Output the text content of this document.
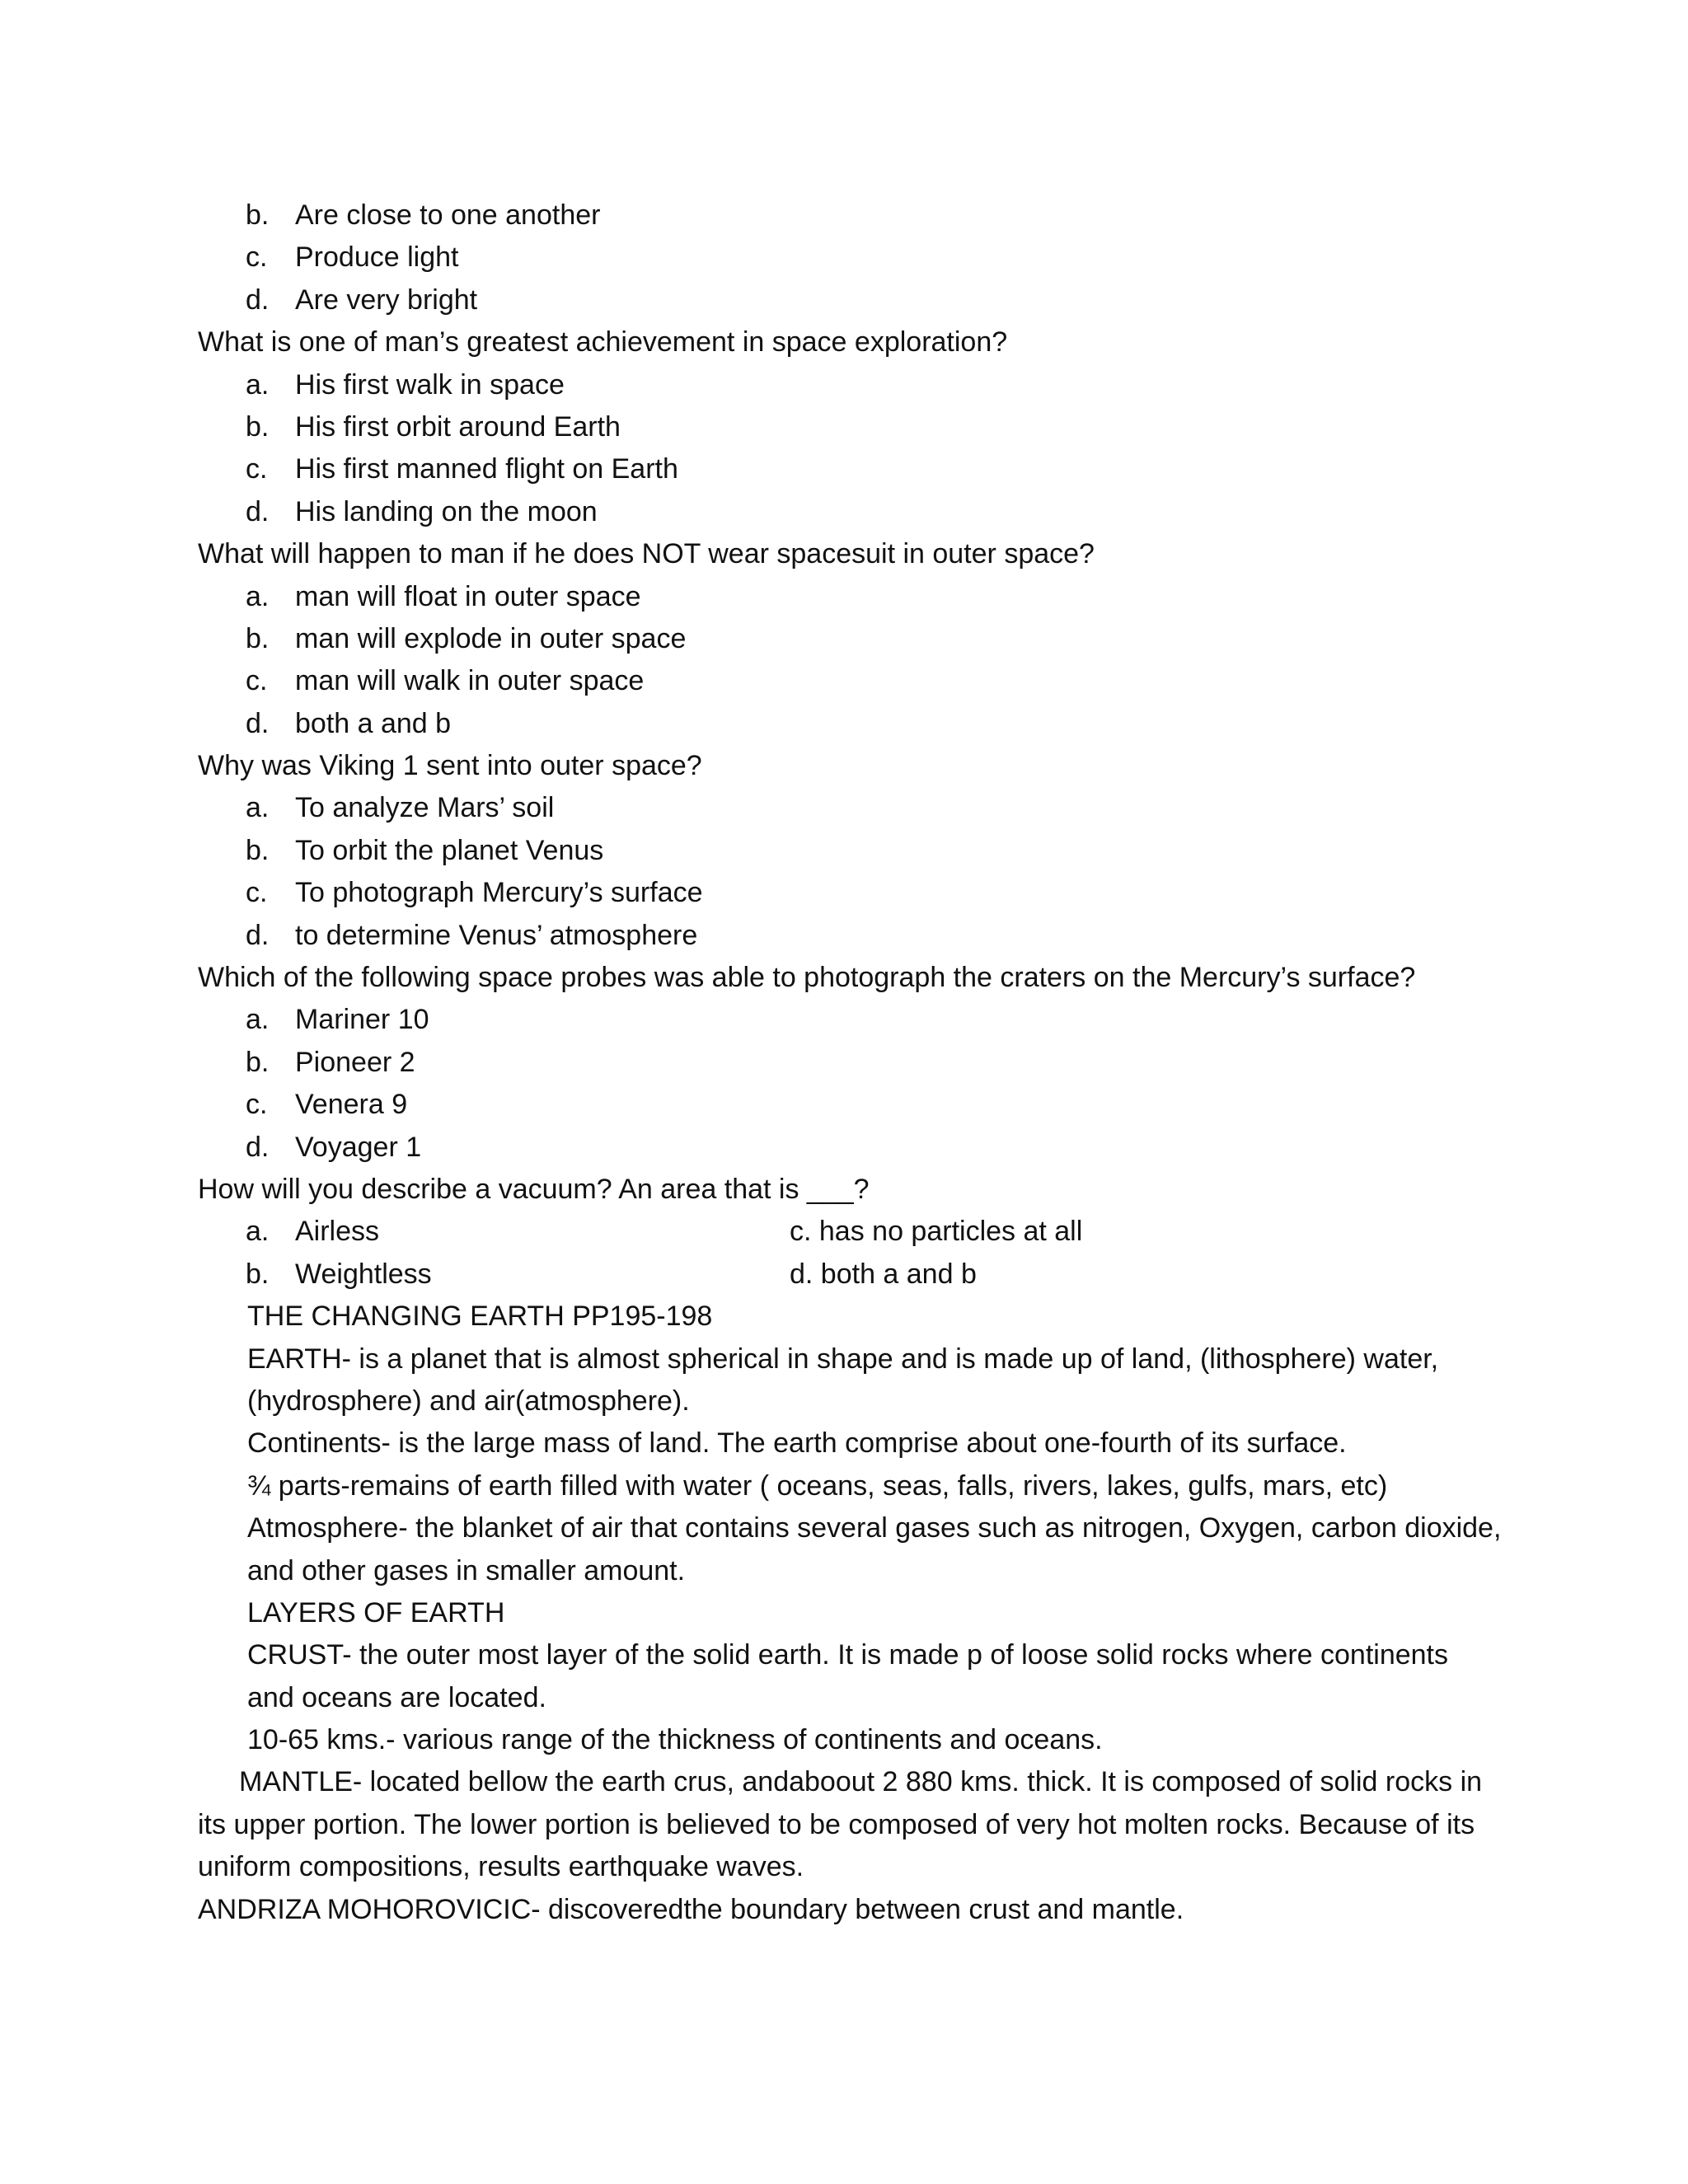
b. Are close to one another
c. Produce light
d. Are very bright
What is one of man’s greatest achievement in space exploration?
a. His first walk in space
b. His first orbit around Earth
c. His first manned flight on Earth
d. His landing on the moon
What will happen to man if he does NOT wear spacesuit in outer space?
a. man will float in outer space
b. man will explode in outer space
c. man will walk in outer space
d. both a and b
Why was Viking 1 sent into outer space?
a. To analyze Mars’ soil
b. To orbit the planet Venus
c. To photograph Mercury’s surface
d. to determine Venus’ atmosphere
Which of the following space probes was able to photograph the craters on the Mercury’s surface?
a. Mariner 10
b. Pioneer 2
c. Venera 9
d. Voyager 1
How will you describe a vacuum? An area that is ___?
a. Airless	c. has no particles at all
b. Weightless	d. both a and b
THE CHANGING EARTH PP195-198
EARTH- is a planet that is almost spherical in shape and is made up of land, (lithosphere) water,
(hydrosphere) and air(atmosphere).
Continents- is the large mass of land. The earth comprise about one-fourth of its surface.
¾ parts-remains of earth filled with water ( oceans, seas, falls, rivers, lakes, gulfs, mars, etc)
Atmosphere- the blanket of air that contains several gases such as nitrogen, Oxygen, carbon dioxide,
and other gases in smaller amount.
LAYERS OF EARTH
CRUST- the outer most layer of the solid earth. It is made p of loose solid rocks where continents
and oceans are located.
10-65 kms.- various range of the thickness of continents and oceans.
MANTLE- located bellow the earth crus, andaboout 2 880 kms. thick. It is composed of solid rocks in
its upper portion. The lower portion is believed to be composed of very hot molten rocks. Because of its
uniform compositions, results earthquake waves.
ANDRIZA MOHOROVICIC- discoveredthe boundary between crust and mantle.
